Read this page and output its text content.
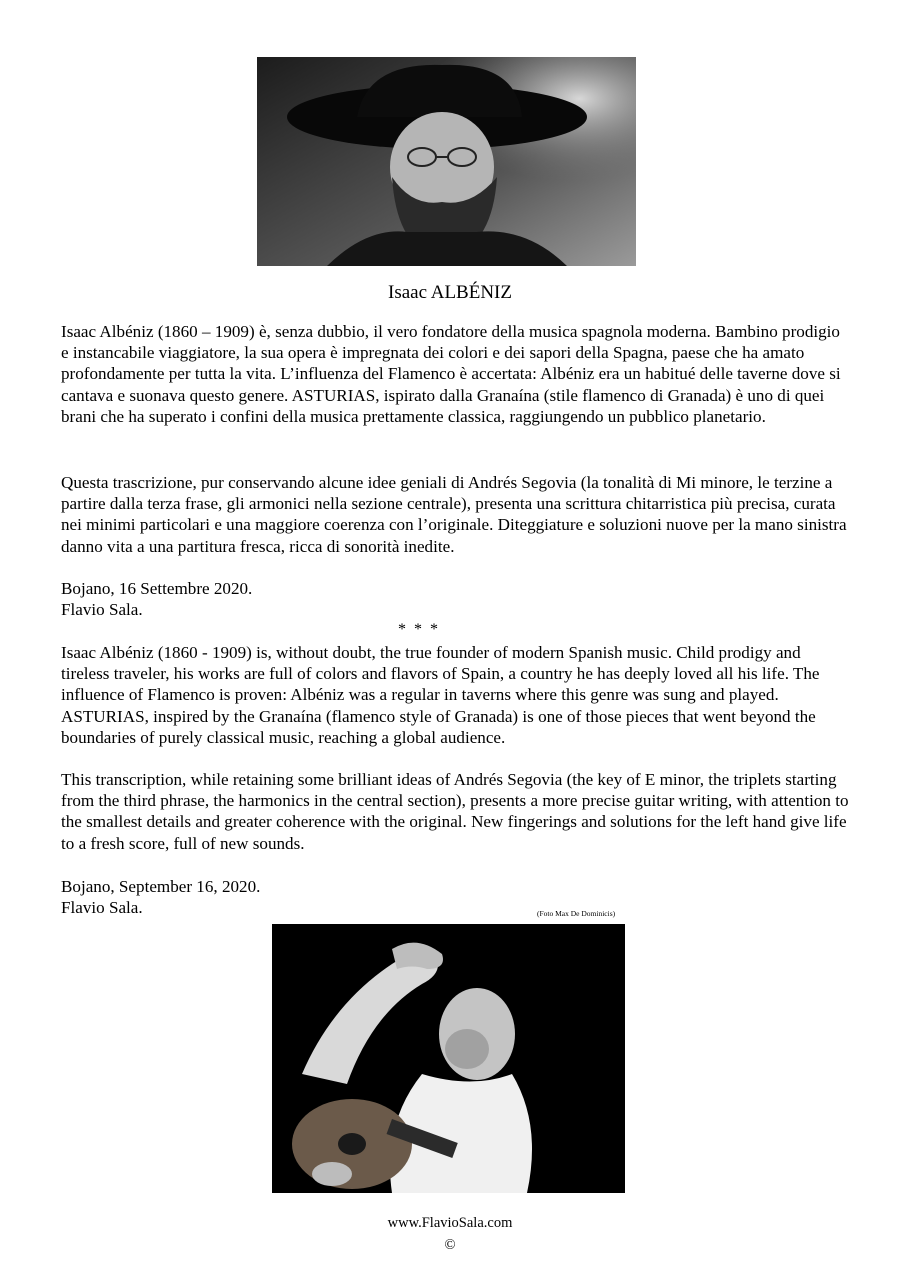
Isaac ALBÉNIZ

Isaac Albéniz (1860 – 1909) è, senza dubbio, il vero fondatore della musica spagnola moderna. Bambino prodigio e instancabile viaggiatore, la sua opera è impregnata dei colori e dei sapori della Spagna, paese che ha amato profondamente per tutta la vita. L’influenza del Flamenco è accertata: Albéniz era un habitué delle taverne dove si cantava e suonava questo genere. ASTURIAS, ispirato dalla Granaína (stile flamenco di Granada) è uno di quei brani che ha superato i confini della musica prettamente classica, raggiungendo un pubblico planetario.

Questa trascrizione, pur conservando alcune idee geniali di Andrés Segovia (la tonalità di Mi minore, le terzine a partire dalla terza frase, gli armonici nella sezione centrale), presenta una scrittura chitarristica più precisa, curata nei minimi particolari e una maggiore coerenza con l’originale. Diteggiature e soluzioni nuove per la mano sinistra danno vita a una partitura fresca, ricca di sonorità inedite.

Bojano, 16 Settembre 2020.

Flavio Sala.

* * *

Isaac Albéniz (1860 - 1909) is, without doubt, the true founder of modern Spanish music. Child prodigy and tireless traveler, his works are full of colors and flavors of Spain, a country he has deeply loved all his life. The influence of Flamenco is proven: Albéniz was a regular in taverns where this genre was sung and played. ASTURIAS, inspired by the Granaína (flamenco style of Granada) is one of those pieces that went beyond the boundaries of purely classical music, reaching a global audience.

This transcription, while retaining some brilliant ideas of Andrés Segovia (the key of E minor, the triplets starting from the third phrase, the harmonics in the central section), presents a more precise guitar writing, with attention to the smallest details and greater coherence with the original. New fingerings and solutions for the left hand give life to a fresh score, full of new sounds.

Bojano, September 16, 2020.

Flavio Sala.	(Foto Max De Dominicis)
www.FlavioSala.com
©
